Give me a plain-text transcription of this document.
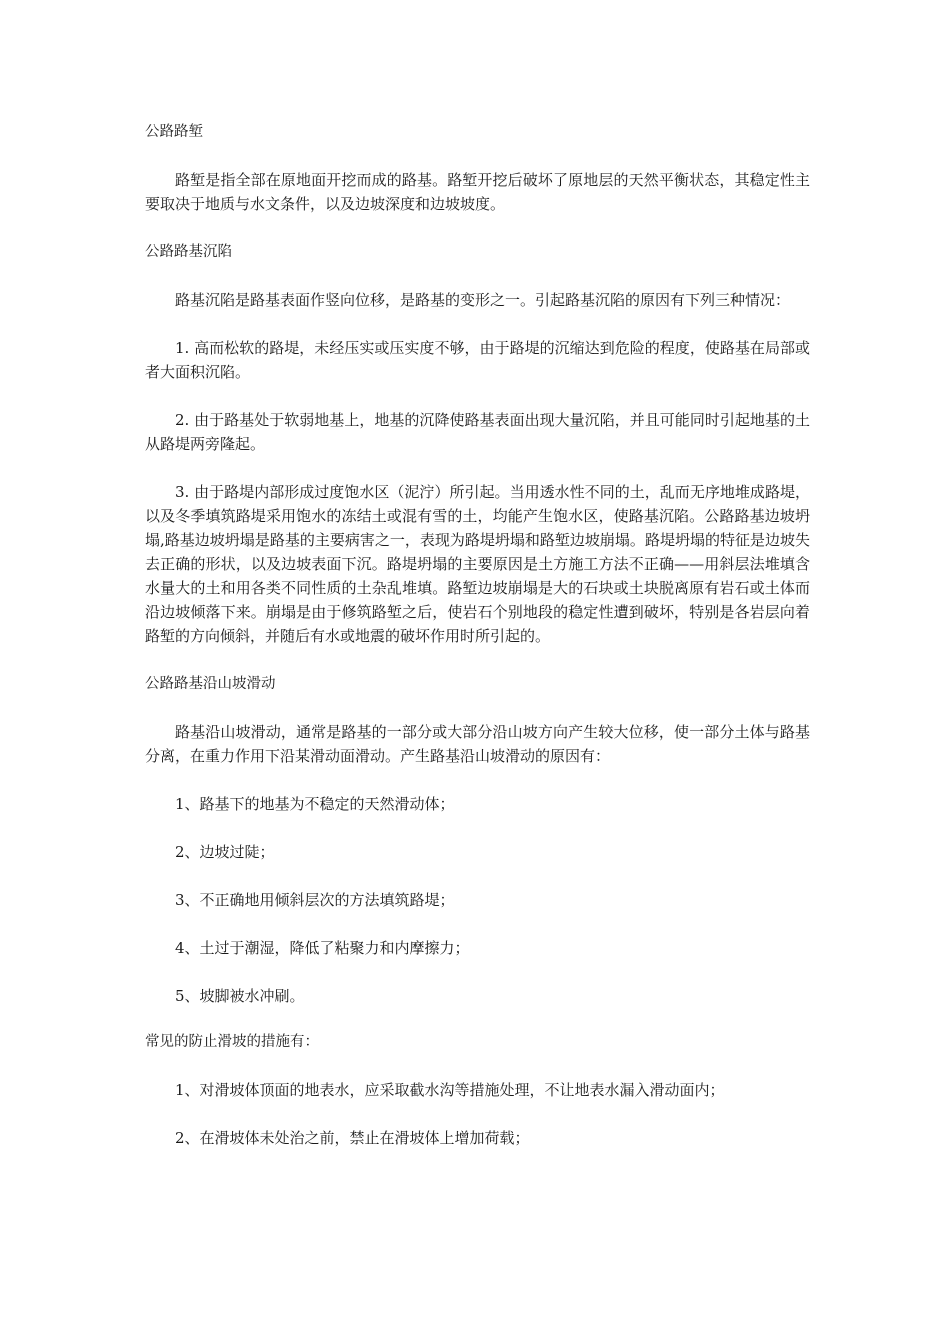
公路路堑

路堑是指全部在原地面开挖而成的路基。路堑开挖后破坏了原地层的天然平衡状态，其稳定性主要取决于地质与水文条件，以及边坡深度和边坡坡度。

公路路基沉陷

路基沉陷是路基表面作竖向位移，是路基的变形之一。引起路基沉陷的原因有下列三种情况：

1. 高而松软的路堤，未经压实或压实度不够，由于路堤的沉缩达到危险的程度，使路基在局部或者大面积沉陷。

2. 由于路基处于软弱地基上，地基的沉降使路基表面出现大量沉陷，并且可能同时引起地基的土从路堤两旁隆起。

3. 由于路堤内部形成过度饱水区（泥泞）所引起。当用透水性不同的土，乱而无序地堆成路堤，以及冬季填筑路堤采用饱水的冻结土或混有雪的土，均能产生饱水区，使路基沉陷。公路路基边坡坍塌,路基边坡坍塌是路基的主要病害之一，表现为路堤坍塌和路堑边坡崩塌。路堤坍塌的特征是边坡失去正确的形状，以及边坡表面下沉。路堤坍塌的主要原因是土方施工方法不正确——用斜层法堆填含水量大的土和用各类不同性质的土杂乱堆填。路堑边坡崩塌是大的石块或土块脱离原有岩石或土体而沿边坡倾落下来。崩塌是由于修筑路堑之后，使岩石个别地段的稳定性遭到破坏，特别是各岩层向着路堑的方向倾斜，并随后有水或地震的破坏作用时所引起的。

公路路基沿山坡滑动

路基沿山坡滑动，通常是路基的一部分或大部分沿山坡方向产生较大位移，使一部分土体与路基分离，在重力作用下沿某滑动面滑动。产生路基沿山坡滑动的原因有：

1、路基下的地基为不稳定的天然滑动体；

2、边坡过陡；

3、不正确地用倾斜层次的方法填筑路堤；

4、土过于潮湿，降低了粘聚力和内摩擦力；

5、坡脚被水冲刷。

常见的防止滑坡的措施有：

1、对滑坡体顶面的地表水，应采取截水沟等措施处理，不让地表水漏入滑动面内；

2、在滑坡体未处治之前，禁止在滑坡体上增加荷载；
